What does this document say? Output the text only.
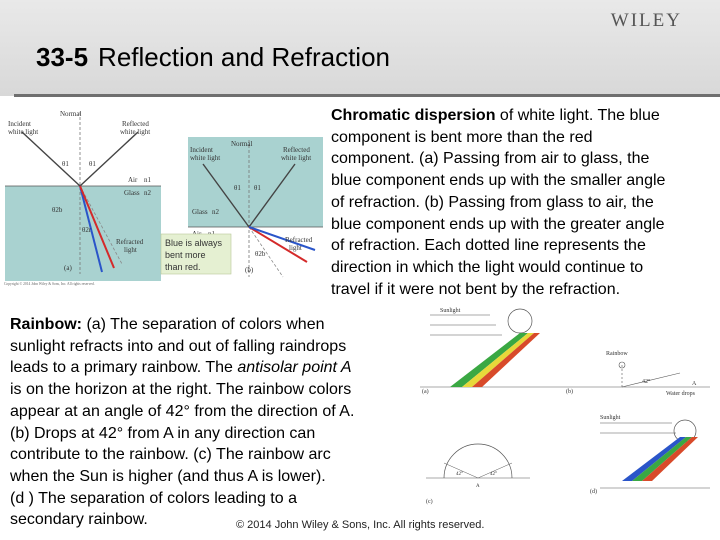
WILEY
33-5 Reflection and Refraction
Normal
Incident
white light
Reflected
white light
θ1	θ1
Air n1
Glass n2
θ2b
θ2r
Refracted
light
(a)
Copyright © 2014 John Wiley & Sons, Inc. All rights reserved.
Normal
Incident
white light
Reflected
white light
θ1 θ1
Glass n2
θ2b
Refracted
light
(b)
Blue is always
bent more
than red.
Chromatic dispersion of white light. The blue
component is bent more than the red
component. (a) Passing from air to glass, the
blue component ends up with the smaller angle
of refraction. (b) Passing from glass to air, the
blue component ends up with the greater angle
of refraction. Each dotted line represents the
direction in which the light would continue to
travel if it were not bent by the refraction.
Rainbow: (a) The separation of colors when
sunlight refracts into and out of falling raindrops
leads to a primary rainbow. The antisolar point A
is on the horizon at the right. The rainbow colors
appear at an angle of 42° from the direction of A.
(b) Drops at 42° from A in any direction can
contribute to the rainbow. (c) The rainbow arc
when the Sun is higher (and thus A is lower).
(d ) The separation of colors leading to a
secondary rainbow.
Sunlight
(a)
Rainbow
42°	A
(b)	Water drops
Sunlight
(d)
42°	42°
A
(c)
© 2014 John Wiley & Sons, Inc. All rights reserved.
